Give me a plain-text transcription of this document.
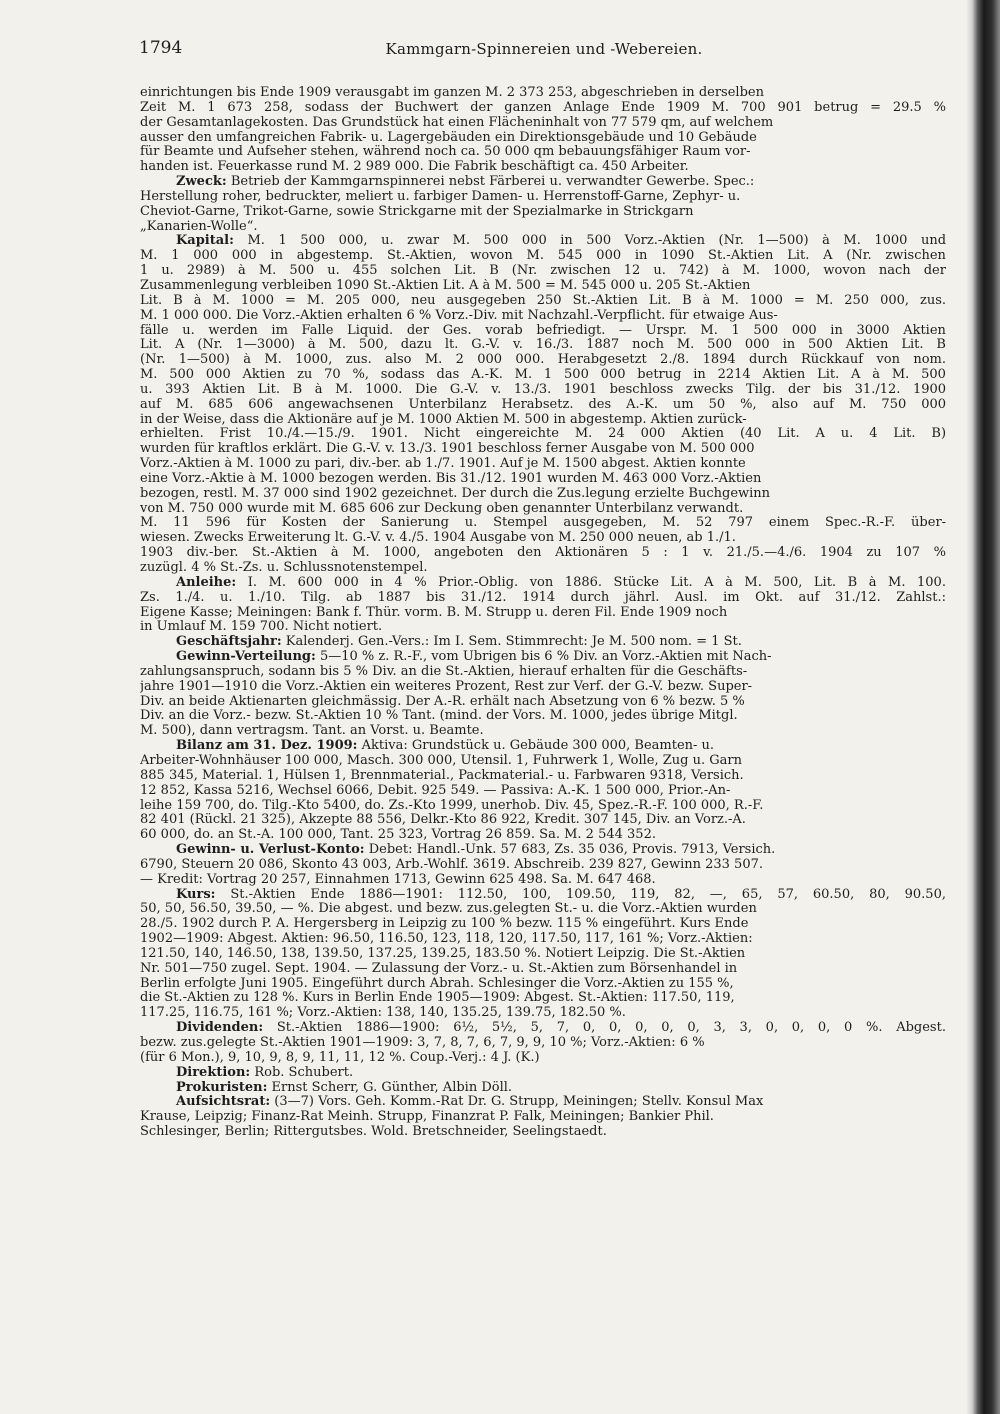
1794	Kammgarn-Spinnereien und -Webereien.
einrichtungen bis Ende 1909 verausgabt im ganzen M. 2 373 253, abgeschrieben in derselben
Zeit M. 1 673 258, sodass der Buchwert der ganzen Anlage Ende 1909 M. 700 901 betrug = 29.5 %
der Gesamtanlagekosten. Das Grundstück hat einen Flächeninhalt von 77 579 qm, auf welchem
ausser den umfangreichen Fabrik- u. Lagergebäuden ein Direktionsgebäude und 10 Gebäude
für Beamte und Aufseher stehen, während noch ca. 50 000 qm bebauungsfähiger Raum vor-
handen ist. Feuerkasse rund M. 2 989 000. Die Fabrik beschäftigt ca. 450 Arbeiter.
Zweck: Betrieb der Kammgarnspinnerei nebst Färberei u. verwandter Gewerbe. Spec.:
Herstellung roher, bedruckter, meliert u. farbiger Damen- u. Herrenstoff-Garne, Zephyr- u.
Cheviot-Garne, Trikot-Garne, sowie Strickgarne mit der Spezialmarke in Strickgarn
„Kanarien-Wolle“.
Kapital: M. 1 500 000, u. zwar M. 500 000 in 500 Vorz.-Aktien (Nr. 1—500) à M. 1000 und
M. 1 000 000 in abgestemp. St.-Aktien, wovon M. 545 000 in 1090 St.-Aktien Lit. A (Nr. zwischen
1 u. 2989) à M. 500 u. 455 solchen Lit. B (Nr. zwischen 12 u. 742) à M. 1000, wovon nach der
Zusammenlegung verbleiben 1090 St.-Aktien Lit. A à M. 500 = M. 545 000 u. 205 St.-Aktien
Lit. B à M. 1000 = M. 205 000, neu ausgegeben 250 St.-Aktien Lit. B à M. 1000 = M. 250 000, zus.
M. 1 000 000. Die Vorz.-Aktien erhalten 6 % Vorz.-Div. mit Nachzahl.-Verpflicht. für etwaige Aus-
fälle u. werden im Falle Liquid. der Ges. vorab befriedigt. — Urspr. M. 1 500 000 in 3000 Aktien
Lit. A (Nr. 1—3000) à M. 500, dazu lt. G.-V. v. 16./3. 1887 noch M. 500 000 in 500 Aktien Lit. B
(Nr. 1—500) à M. 1000, zus. also M. 2 000 000. Herabgesetzt 2./8. 1894 durch Rückkauf von nom.
M. 500 000 Aktien zu 70 %, sodass das A.-K. M. 1 500 000 betrug in 2214 Aktien Lit. A à M. 500
u. 393 Aktien Lit. B à M. 1000. Die G.-V. v. 13./3. 1901 beschloss zwecks Tilg. der bis 31./12. 1900
auf M. 685 606 angewachsenen Unterbilanz Herabsetz. des A.-K. um 50 %, also auf M. 750 000
in der Weise, dass die Aktionäre auf je M. 1000 Aktien M. 500 in abgestemp. Aktien zurück-
erhielten. Frist 10./4.—15./9. 1901. Nicht eingereichte M. 24 000 Aktien (40 Lit. A u. 4 Lit. B)
wurden für kraftlos erklärt. Die G.-V. v. 13./3. 1901 beschloss ferner Ausgabe von M. 500 000
Vorz.-Aktien à M. 1000 zu pari, div.-ber. ab 1./7. 1901. Auf je M. 1500 abgest. Aktien konnte
eine Vorz.-Aktie à M. 1000 bezogen werden. Bis 31./12. 1901 wurden M. 463 000 Vorz.-Aktien
bezogen, restl. M. 37 000 sind 1902 gezeichnet. Der durch die Zus.legung erzielte Buchgewinn
von M. 750 000 wurde mit M. 685 606 zur Deckung oben genannter Unterbilanz verwandt.
M. 11 596 für Kosten der Sanierung u. Stempel ausgegeben, M. 52 797 einem Spec.-R.-F. über-
wiesen. Zwecks Erweiterung lt. G.-V. v. 4./5. 1904 Ausgabe von M. 250 000 neuen, ab 1./1.
1903 div.-ber. St.-Aktien à M. 1000, angeboten den Aktionären 5 : 1 v. 21./5.—4./6. 1904 zu 107 %
zuzügl. 4 % St.-Zs. u. Schlussnotenstempel.
Anleihe: I. M. 600 000 in 4 % Prior.-Oblig. von 1886. Stücke Lit. A à M. 500, Lit. B à M. 100.
Zs. 1./4. u. 1./10. Tilg. ab 1887 bis 31./12. 1914 durch jährl. Ausl. im Okt. auf 31./12. Zahlst.:
Eigene Kasse; Meiningen: Bank f. Thür. vorm. B. M. Strupp u. deren Fil. Ende 1909 noch
in Umlauf M. 159 700. Nicht notiert.
Geschäftsjahr: Kalenderj. Gen.-Vers.: Im I. Sem. Stimmrecht: Je M. 500 nom. = 1 St.
Gewinn-Verteilung: 5—10 % z. R.-F., vom Übrigen bis 6 % Div. an Vorz.-Aktien mit Nach-
zahlungsanspruch, sodann bis 5 % Div. an die St.-Aktien, hierauf erhalten für die Geschäfts-
jahre 1901—1910 die Vorz.-Aktien ein weiteres Prozent, Rest zur Verf. der G.-V. bezw. Super-
Div. an beide Aktienarten gleichmässig. Der A.-R. erhält nach Absetzung von 6 % bezw. 5 %
Div. an die Vorz.- bezw. St.-Aktien 10 % Tant. (mind. der Vors. M. 1000, jedes übrige Mitgl.
M. 500), dann vertragsm. Tant. an Vorst. u. Beamte.
Bilanz am 31. Dez. 1909: Aktiva: Grundstück u. Gebäude 300 000, Beamten- u.
Arbeiter-Wohnhäuser 100 000, Masch. 300 000, Utensil. 1, Fuhrwerk 1, Wolle, Zug u. Garn
885 345, Material. 1, Hülsen 1, Brennmaterial., Packmaterial.- u. Farbwaren 9318, Versich.
12 852, Kassa 5216, Wechsel 6066, Debit. 925 549. — Passiva: A.-K. 1 500 000, Prior.-An-
leihe 159 700, do. Tilg.-Kto 5400, do. Zs.-Kto 1999, unerhob. Div. 45, Spez.-R.-F. 100 000, R.-F.
82 401 (Rückl. 21 325), Akzepte 88 556, Delkr.-Kto 86 922, Kredit. 307 145, Div. an Vorz.-A.
60 000, do. an St.-A. 100 000, Tant. 25 323, Vortrag 26 859. Sa. M. 2 544 352.
Gewinn- u. Verlust-Konto: Debet: Handl.-Unk. 57 683, Zs. 35 036, Provis. 7913, Versich.
6790, Steuern 20 086, Skonto 43 003, Arb.-Wohlf. 3619. Abschreib. 239 827, Gewinn 233 507.
— Kredit: Vortrag 20 257, Einnahmen 1713, Gewinn 625 498. Sa. M. 647 468.
Kurs: St.-Aktien Ende 1886—1901: 112.50, 100, 109.50, 119, 82, —, 65, 57, 60.50, 80, 90.50,
50, 50, 56.50, 39.50, — %. Die abgest. und bezw. zus.gelegten St.- u. die Vorz.-Aktien wurden
28./5. 1902 durch P. A. Hergersberg in Leipzig zu 100 % bezw. 115 % eingeführt. Kurs Ende
1902—1909: Abgest. Aktien: 96.50, 116.50, 123, 118, 120, 117.50, 117, 161 %; Vorz.-Aktien:
121.50, 140, 146.50, 138, 139.50, 137.25, 139.25, 183.50 %. Notiert Leipzig. Die St.-Aktien
Nr. 501—750 zugel. Sept. 1904. — Zulassung der Vorz.- u. St.-Aktien zum Börsenhandel in
Berlin erfolgte Juni 1905. Eingeführt durch Abrah. Schlesinger die Vorz.-Aktien zu 155 %,
die St.-Aktien zu 128 %. Kurs in Berlin Ende 1905—1909: Abgest. St.-Aktien: 117.50, 119,
117.25, 116.75, 161 %; Vorz.-Aktien: 138, 140, 135.25, 139.75, 182.50 %.
Dividenden: St.-Aktien 1886—1900: 6½, 5½, 5, 7, 0, 0, 0, 0, 0, 3, 3, 0, 0, 0, 0 %. Abgest.
bezw. zus.gelegte St.-Aktien 1901—1909: 3, 7, 8, 7, 6, 7, 9, 9, 10 %; Vorz.-Aktien: 6 %
(für 6 Mon.), 9, 10, 9, 8, 9, 11, 11, 12 %. Coup.-Verj.: 4 J. (K.)
Direktion: Rob. Schubert.
Prokuristen: Ernst Scherr, G. Günther, Albin Döll.
Aufsichtsrat: (3—7) Vors. Geh. Komm.-Rat Dr. G. Strupp, Meiningen; Stellv. Konsul Max
Krause, Leipzig; Finanz-Rat Meinh. Strupp, Finanzrat P. Falk, Meiningen; Bankier Phil.
Schlesinger, Berlin; Rittergutsbes. Wold. Bretschneider, Seelingstaedt.
